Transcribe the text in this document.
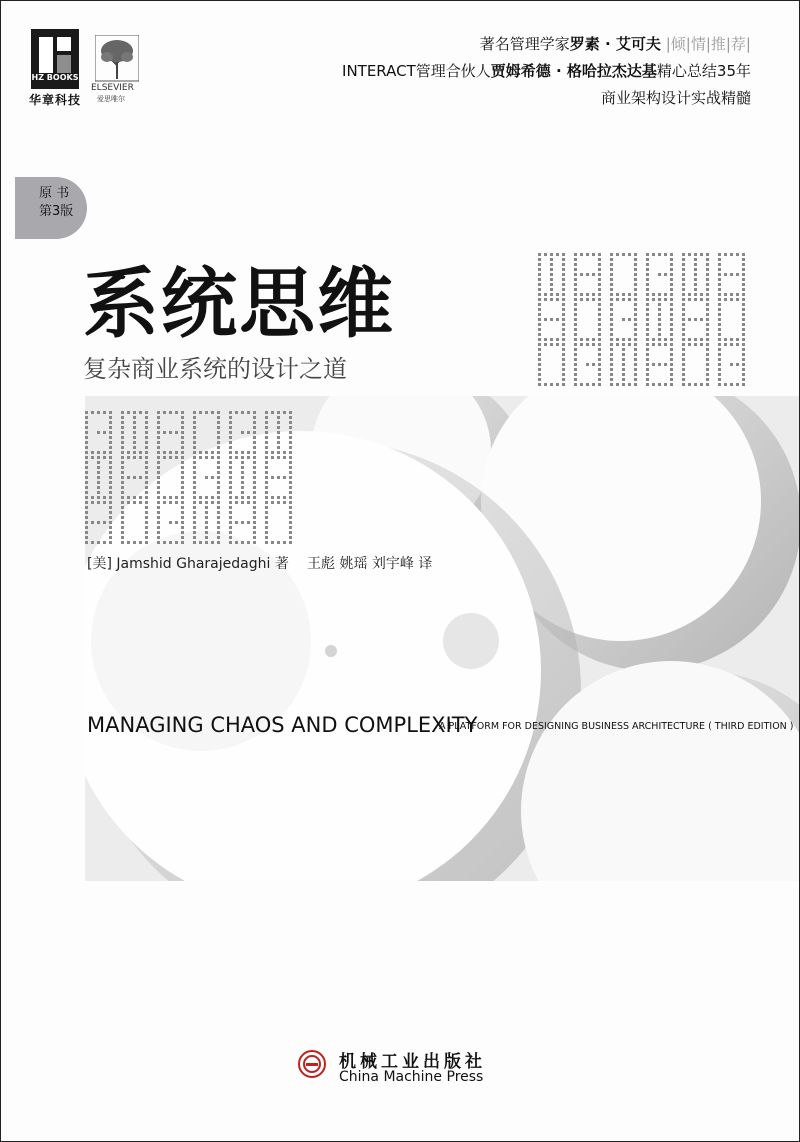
HZ BOOKS
华章科技
ELSEVIER
爱思唯尔
著名管理学家罗素 · 艾可夫 |倾|情|推|荐|
INTERACT管理合伙人贾姆希德 · 格哈拉杰达基精心总结35年
商业架构设计实战精髓
原 书
第3版
系统思维
复杂商业系统的设计之道
[美] Jamshid Gharajedaghi 著 王彪 姚瑶 刘宇峰 译
MANAGING CHAOS AND COMPLEXITY
A PLATFORM FOR DESIGNING BUSINESS ARCHITECTURE ( THIRD EDITION )
机械工业出版社
China Machine Press
